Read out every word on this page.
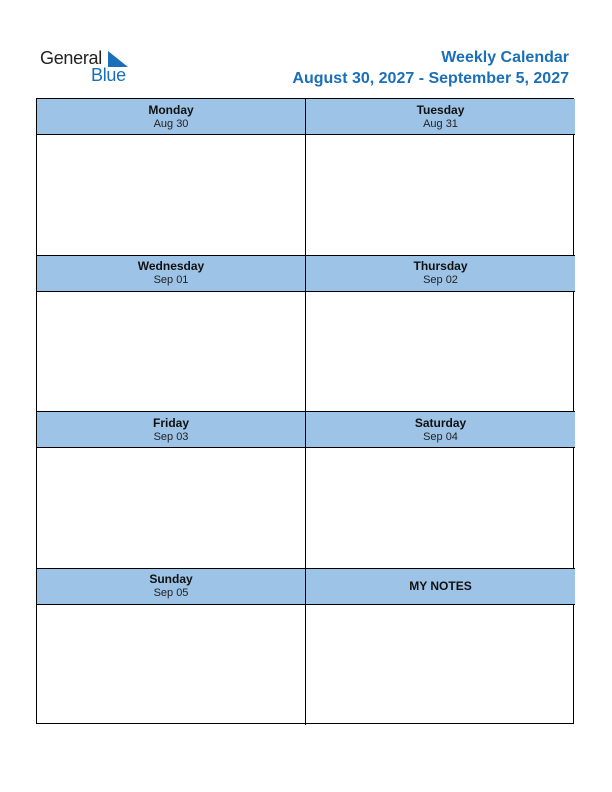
General
Blue
Weekly Calendar
August 30, 2027 - September 5, 2027
Monday
Aug 30
Tuesday
Aug 31
Wednesday
Sep 01
Thursday
Sep 02
Friday
Sep 03
Saturday
Sep 04
Sunday
Sep 05	MY NOTES
